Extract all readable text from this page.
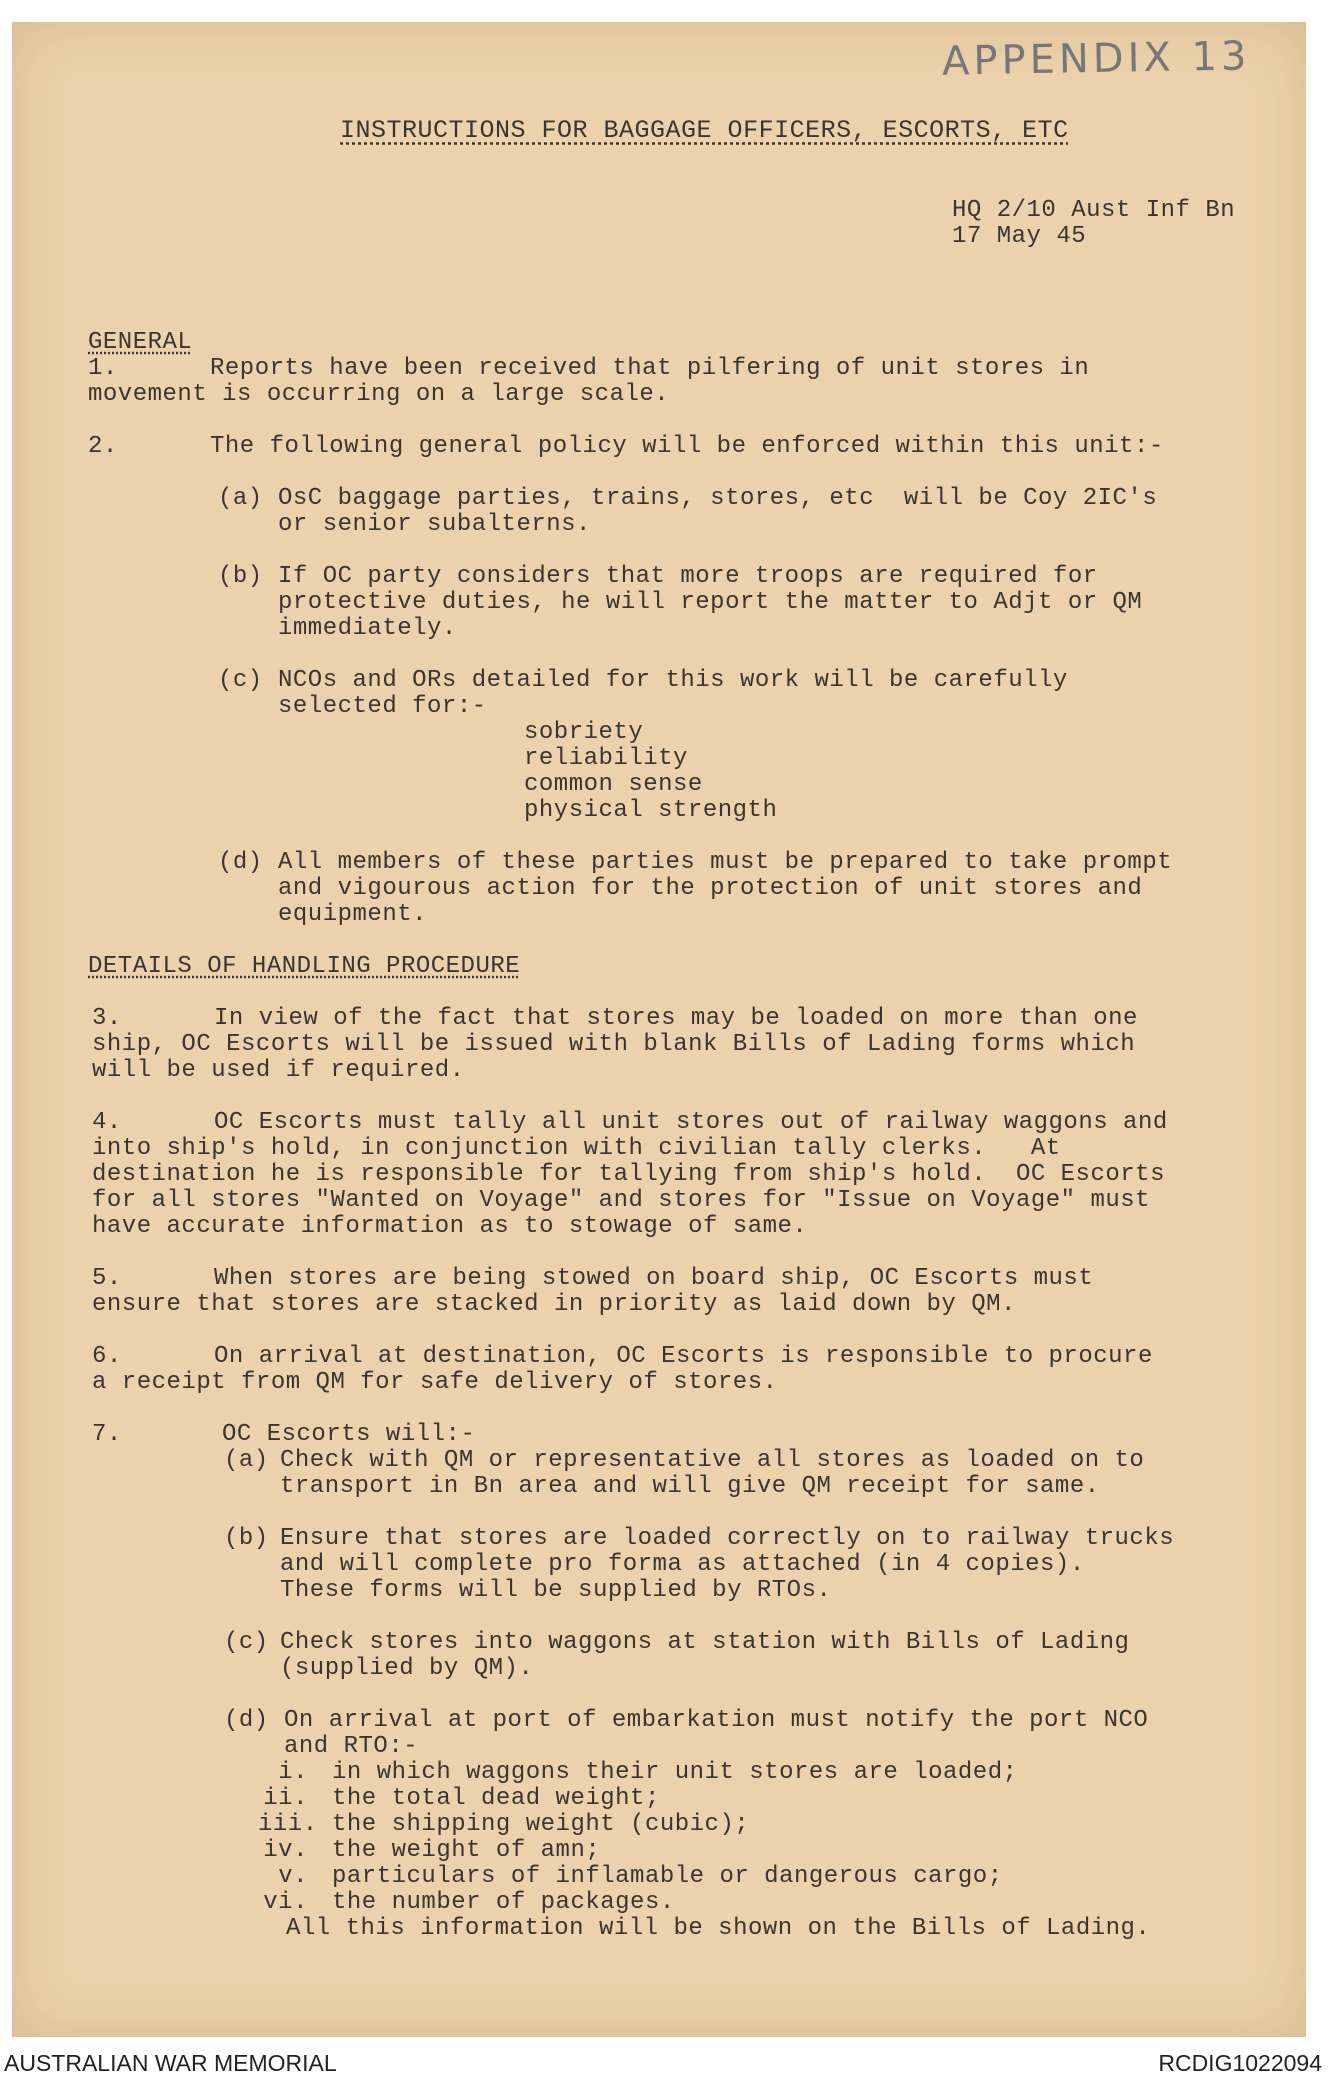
APPENDIX 13
INSTRUCTIONS FOR BAGGAGE OFFICERS, ESCORTS, ETC
HQ 2/10 Aust Inf Bn
17 May 45
GENERAL
1.	Reports have been received that pilfering of unit stores in
movement is occurring on a large scale.
2.	The following general policy will be enforced within this unit:-
(a) OsC baggage parties, trains, stores, etc  will be Coy 2IC's
or senior subalterns.
(b) If OC party considers that more troops are required for
protective duties, he will report the matter to Adjt or QM
immediately.
(c) NCOs and ORs detailed for this work will be carefully
selected for:-
sobriety
reliability
common sense
physical strength
(d) All members of these parties must be prepared to take prompt
and vigourous action for the protection of unit stores and
equipment.
DETAILS OF HANDLING PROCEDURE
3.	In view of the fact that stores may be loaded on more than one
ship, OC Escorts will be issued with blank Bills of Lading forms which
will be used if required.
4.	OC Escorts must tally all unit stores out of railway waggons and
into ship's hold, in conjunction with civilian tally clerks.   At
destination he is responsible for tallying from ship's hold.  OC Escorts
for all stores "Wanted on Voyage" and stores for "Issue on Voyage" must
have accurate information as to stowage of same.
5.	When stores are being stowed on board ship, OC Escorts must
ensure that stores are stacked in priority as laid down by QM.
6.	On arrival at destination, OC Escorts is responsible to procure
a receipt from QM for safe delivery of stores.
7.	OC Escorts will:-
(a) Check with QM or representative all stores as loaded on to
transport in Bn area and will give QM receipt for same.
(b) Ensure that stores are loaded correctly on to railway trucks
and will complete pro forma as attached (in 4 copies).
These forms will be supplied by RTOs.
(c) Check stores into waggons at station with Bills of Lading
(supplied by QM).
(d) On arrival at port of embarkation must notify the port NCO
and RTO:-
i. in which waggons their unit stores are loaded;
ii. the total dead weight;
iii. the shipping weight (cubic);
iv. the weight of amn;
v. particulars of inflamable or dangerous cargo;
vi. the number of packages.
All this information will be shown on the Bills of Lading.
AUSTRALIAN WAR MEMORIAL	RCDIG1022094
